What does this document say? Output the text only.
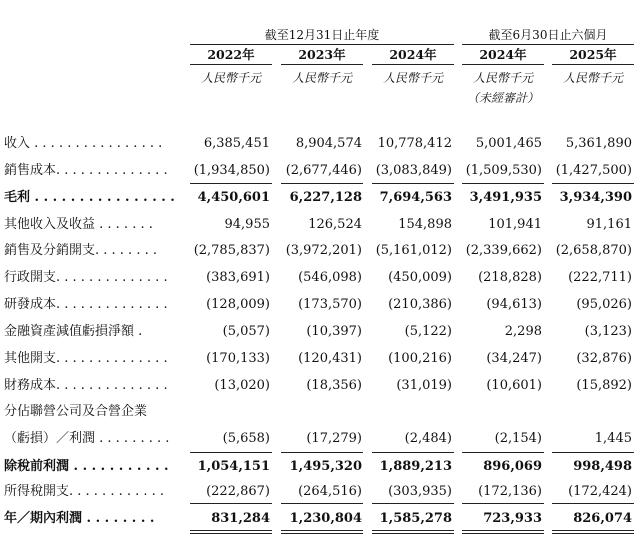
截至12月31日止年度	截至6月30日止六個月
2022年	2023年	2024年	2024年	2025年
人民幣千元	人民幣千元	人民幣千元	人民幣千元	人民幣千元
（未經審計）
收入 . . . . . . . . . . . . . . . .	6,385,451	8,904,574	10,778,412	5,001,465	5,361,890
銷售成本. . . . . . . . . . . . . .	(1,934,850)	(2,677,446)	(3,083,849)	(1,509,530)	(1,427,500)
毛利 . . . . . . . . . . . . . . . .	4,450,601	6,227,128	7,694,563	3,491,935	3,934,390
其他收入及收益 . . . . . . .	94,955	126,524	154,898	101,941	91,161
銷售及分銷開支. . . . . . . .	(2,785,837)	(3,972,201)	(5,161,012)	(2,339,662)	(2,658,870)
行政開支. . . . . . . . . . . . . .	(383,691)	(546,098)	(450,009)	(218,828)	(222,711)
研發成本. . . . . . . . . . . . . .	(128,009)	(173,570)	(210,386)	(94,613)	(95,026)
金融資產減值虧損淨額 .	(5,057)	(10,397)	(5,122)	2,298	(3,123)
其他開支. . . . . . . . . . . . . .	(170,133)	(120,431)	(100,216)	(34,247)	(32,876)
財務成本. . . . . . . . . . . . . .	(13,020)	(18,356)	(31,019)	(10,601)	(15,892)
分佔聯營公司及合營企業
（虧損）／利潤 . . . . . . . . .	(5,658)	(17,279)	(2,484)	(2,154)	1,445
除稅前利潤 . . . . . . . . . . .	1,054,151	1,495,320	1,889,213	896,069	998,498
所得稅開支. . . . . . . . . . . .	(222,867)	(264,516)	(303,935)	(172,136)	(172,424)
年／期內利潤 . . . . . . . .	831,284	1,230,804	1,585,278	723,933	826,074
